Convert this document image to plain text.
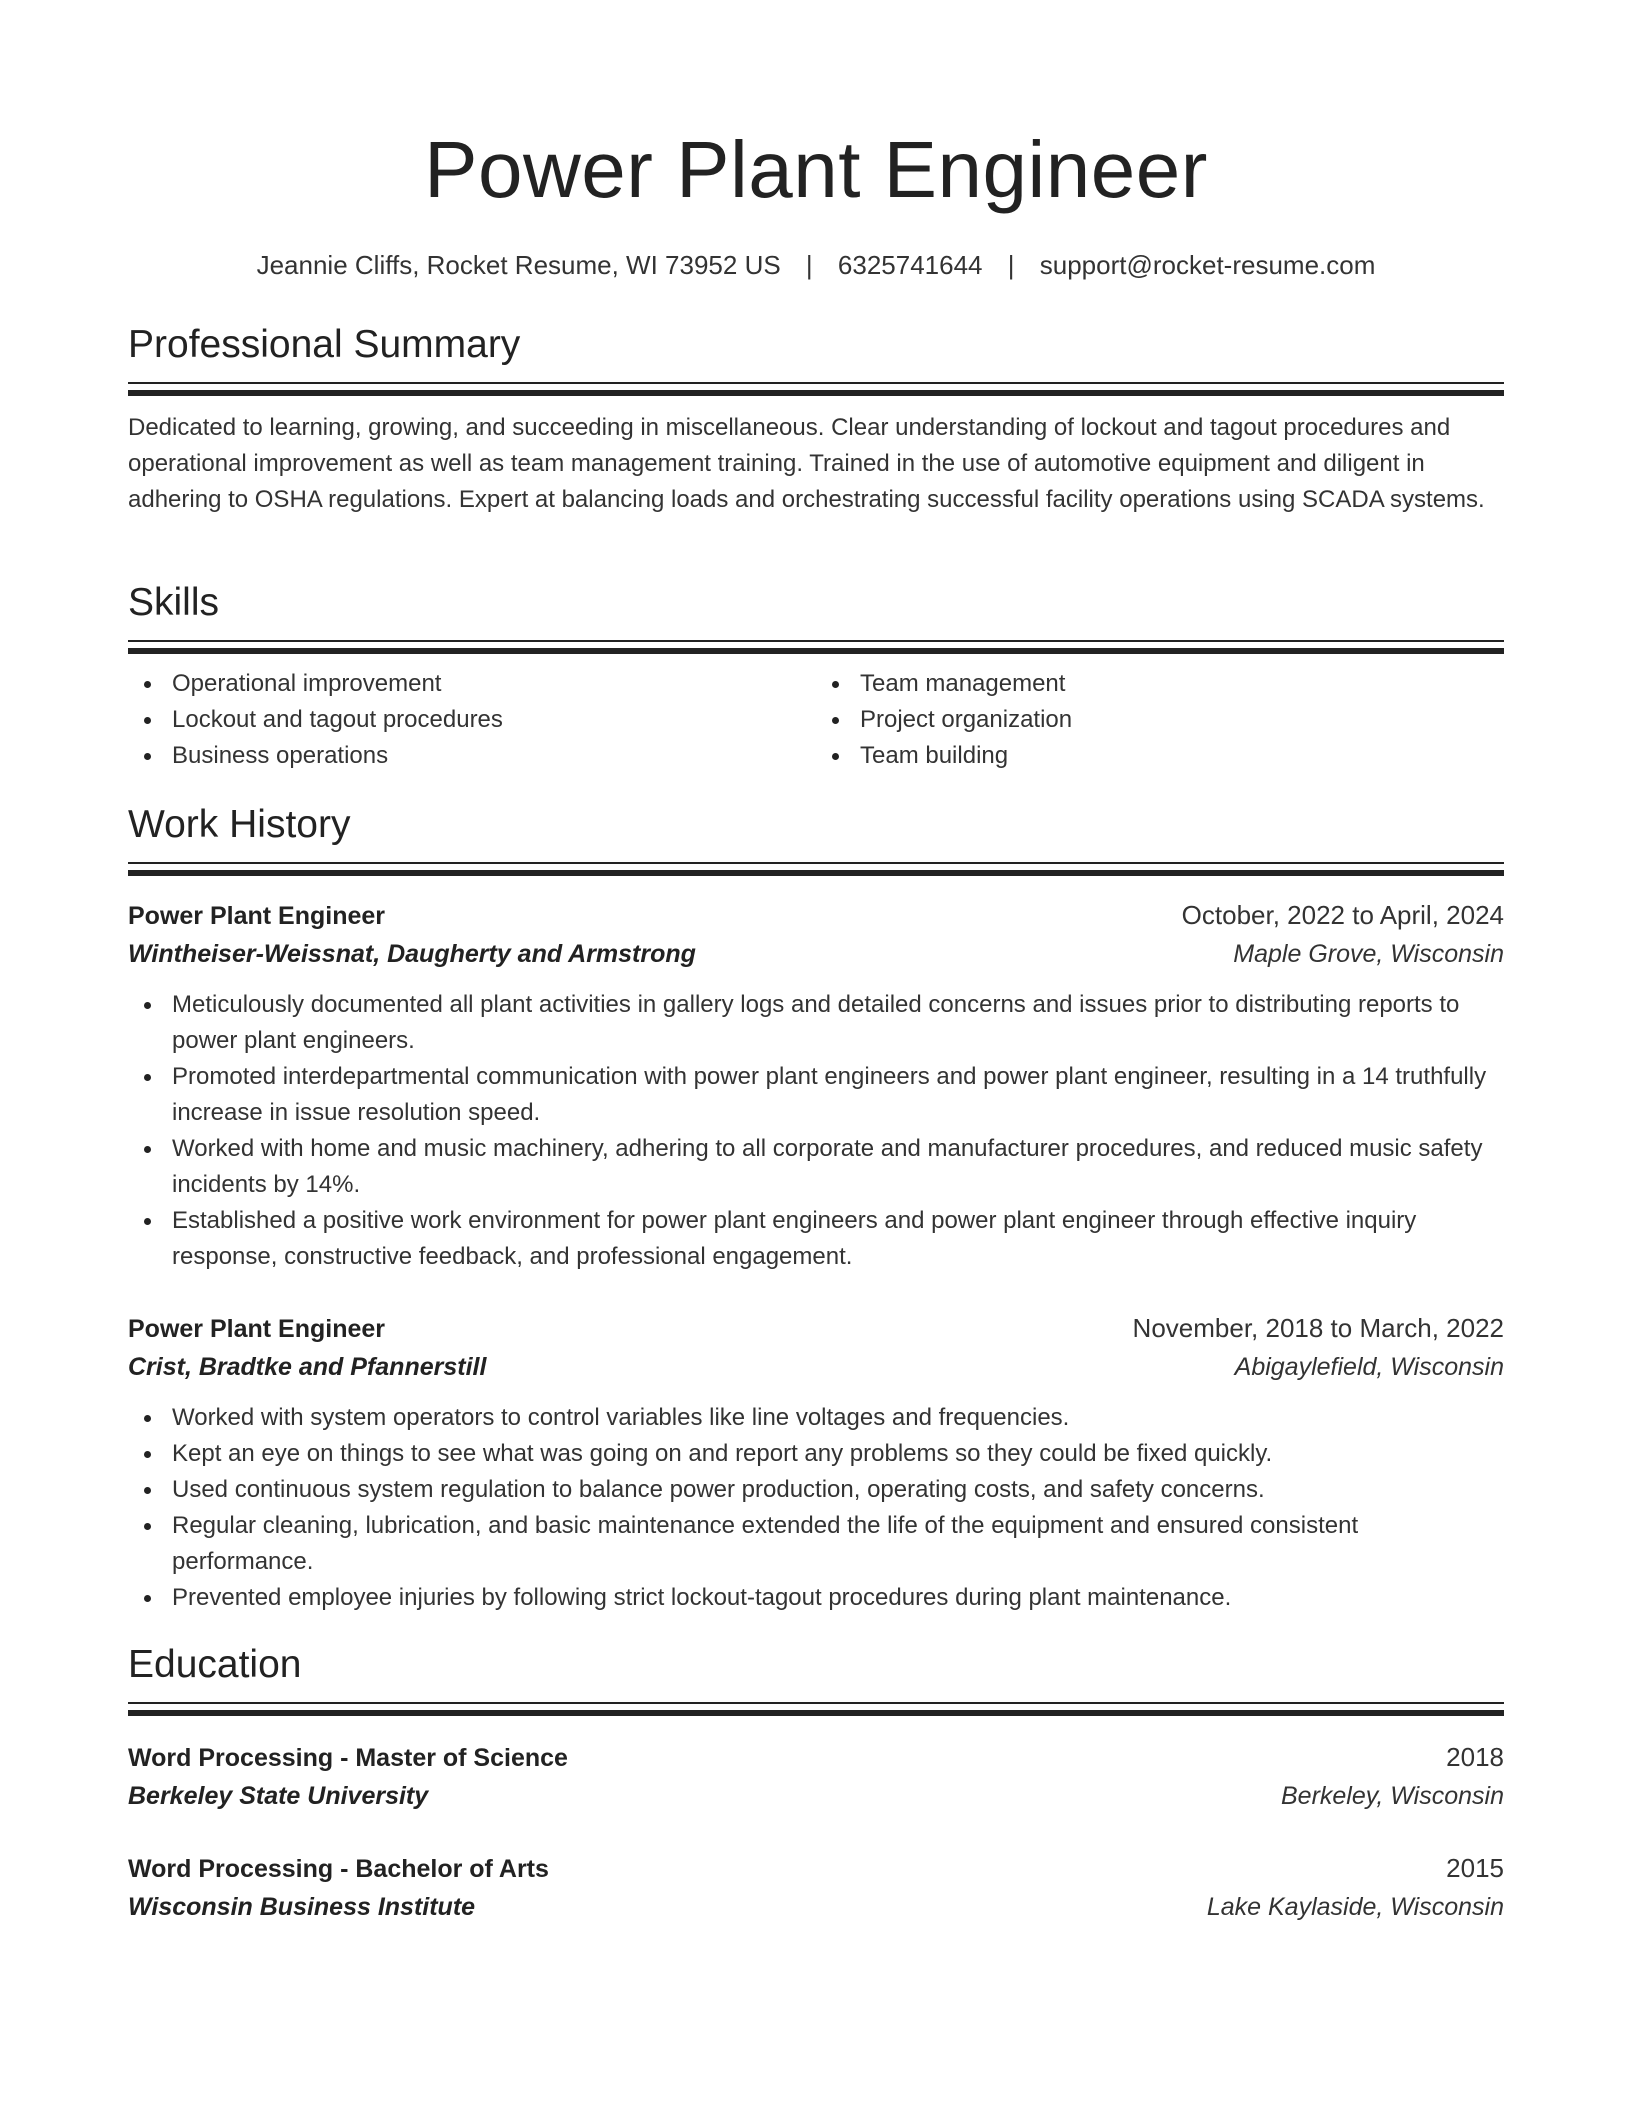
Power Plant Engineer
Jeannie Cliffs, Rocket Resume, WI 73952 US | 6325741644 | support@rocket-resume.com
Professional Summary

Dedicated to learning, growing, and succeeding in miscellaneous. Clear understanding of lockout and tagout procedures and operational improvement as well as team management training. Trained in the use of automotive equipment and diligent in adhering to OSHA regulations. Expert at balancing loads and orchestrating successful facility operations using SCADA systems.

Skills
Operational improvement
Lockout and tagout procedures
Business operations
Team management
Project organization
Team building
Work History
Power Plant Engineer	October, 2022 to April, 2024
Wintheiser-Weissnat, Daugherty and Armstrong	Maple Grove, Wisconsin
Meticulously documented all plant activities in gallery logs and detailed concerns and issues prior to distributing reports to power plant engineers.
Promoted interdepartmental communication with power plant engineers and power plant engineer, resulting in a 14 truthfully increase in issue resolution speed.
Worked with home and music machinery, adhering to all corporate and manufacturer procedures, and reduced music safety incidents by 14%.
Established a positive work environment for power plant engineers and power plant engineer through effective inquiry response, constructive feedback, and professional engagement.
Power Plant Engineer	November, 2018 to March, 2022
Crist, Bradtke and Pfannerstill	Abigaylefield, Wisconsin
Worked with system operators to control variables like line voltages and frequencies.
Kept an eye on things to see what was going on and report any problems so they could be fixed quickly.
Used continuous system regulation to balance power production, operating costs, and safety concerns.
Regular cleaning, lubrication, and basic maintenance extended the life of the equipment and ensured consistent performance.
Prevented employee injuries by following strict lockout-tagout procedures during plant maintenance.
Education
Word Processing - Master of Science	2018
Berkeley State University	Berkeley, Wisconsin
Word Processing - Bachelor of Arts	2015
Wisconsin Business Institute	Lake Kaylaside, Wisconsin
